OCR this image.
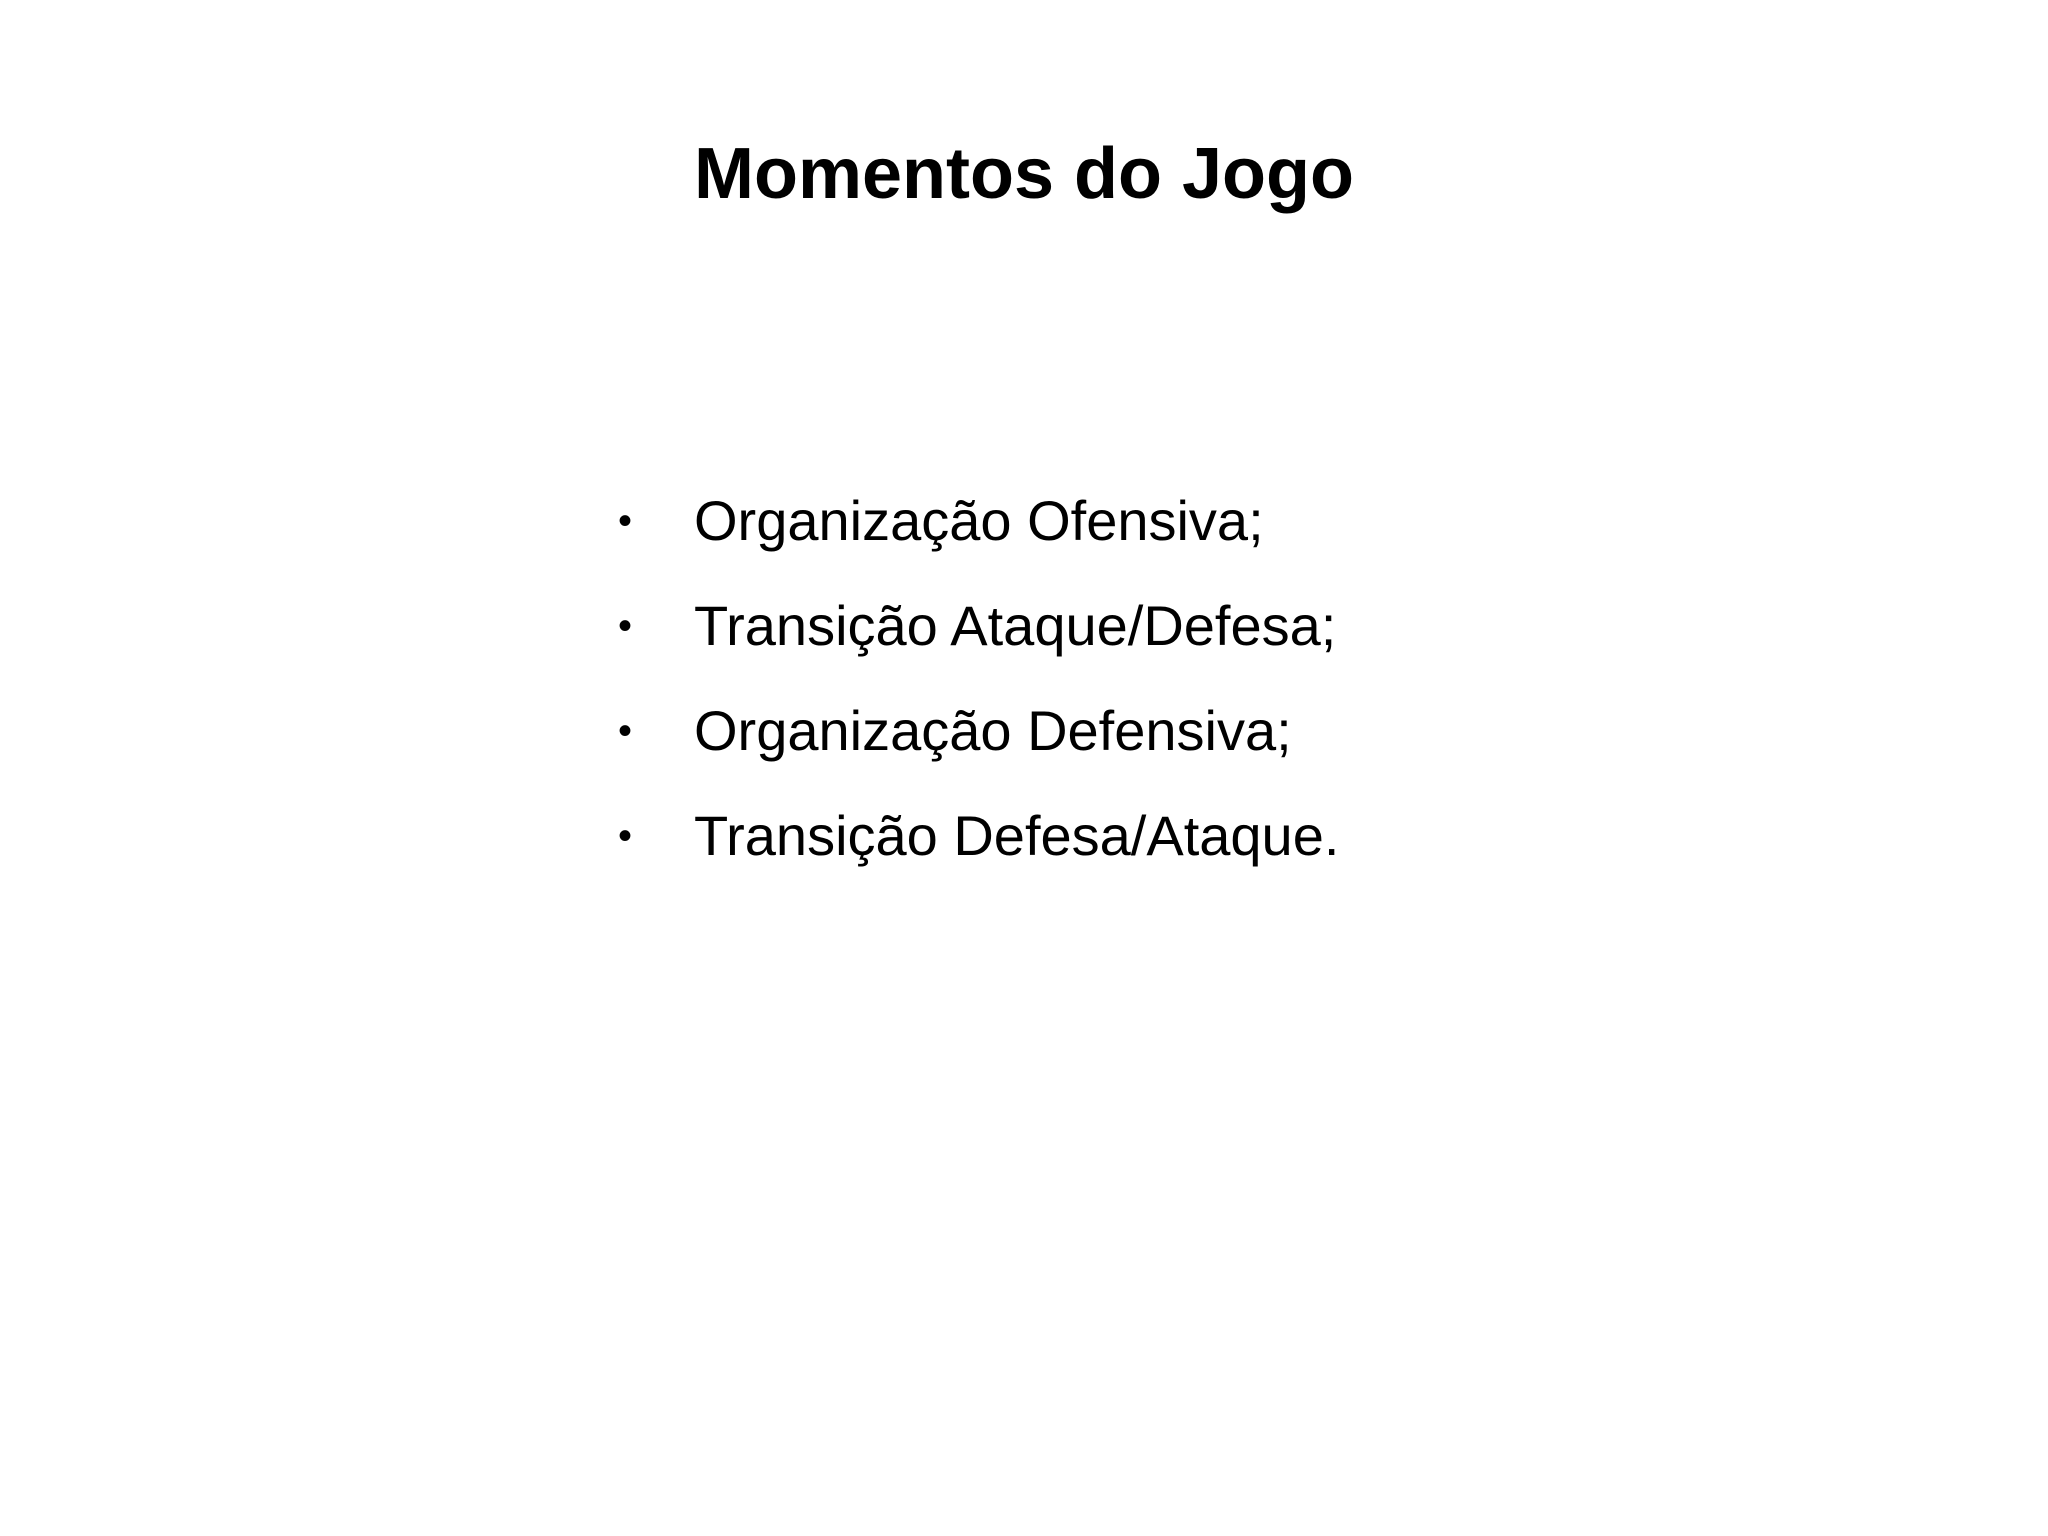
Momentos do Jogo
•	Organização Ofensiva;
•	Transição Ataque/Defesa;
•	Organização Defensiva;
•	Transição Defesa/Ataque.
